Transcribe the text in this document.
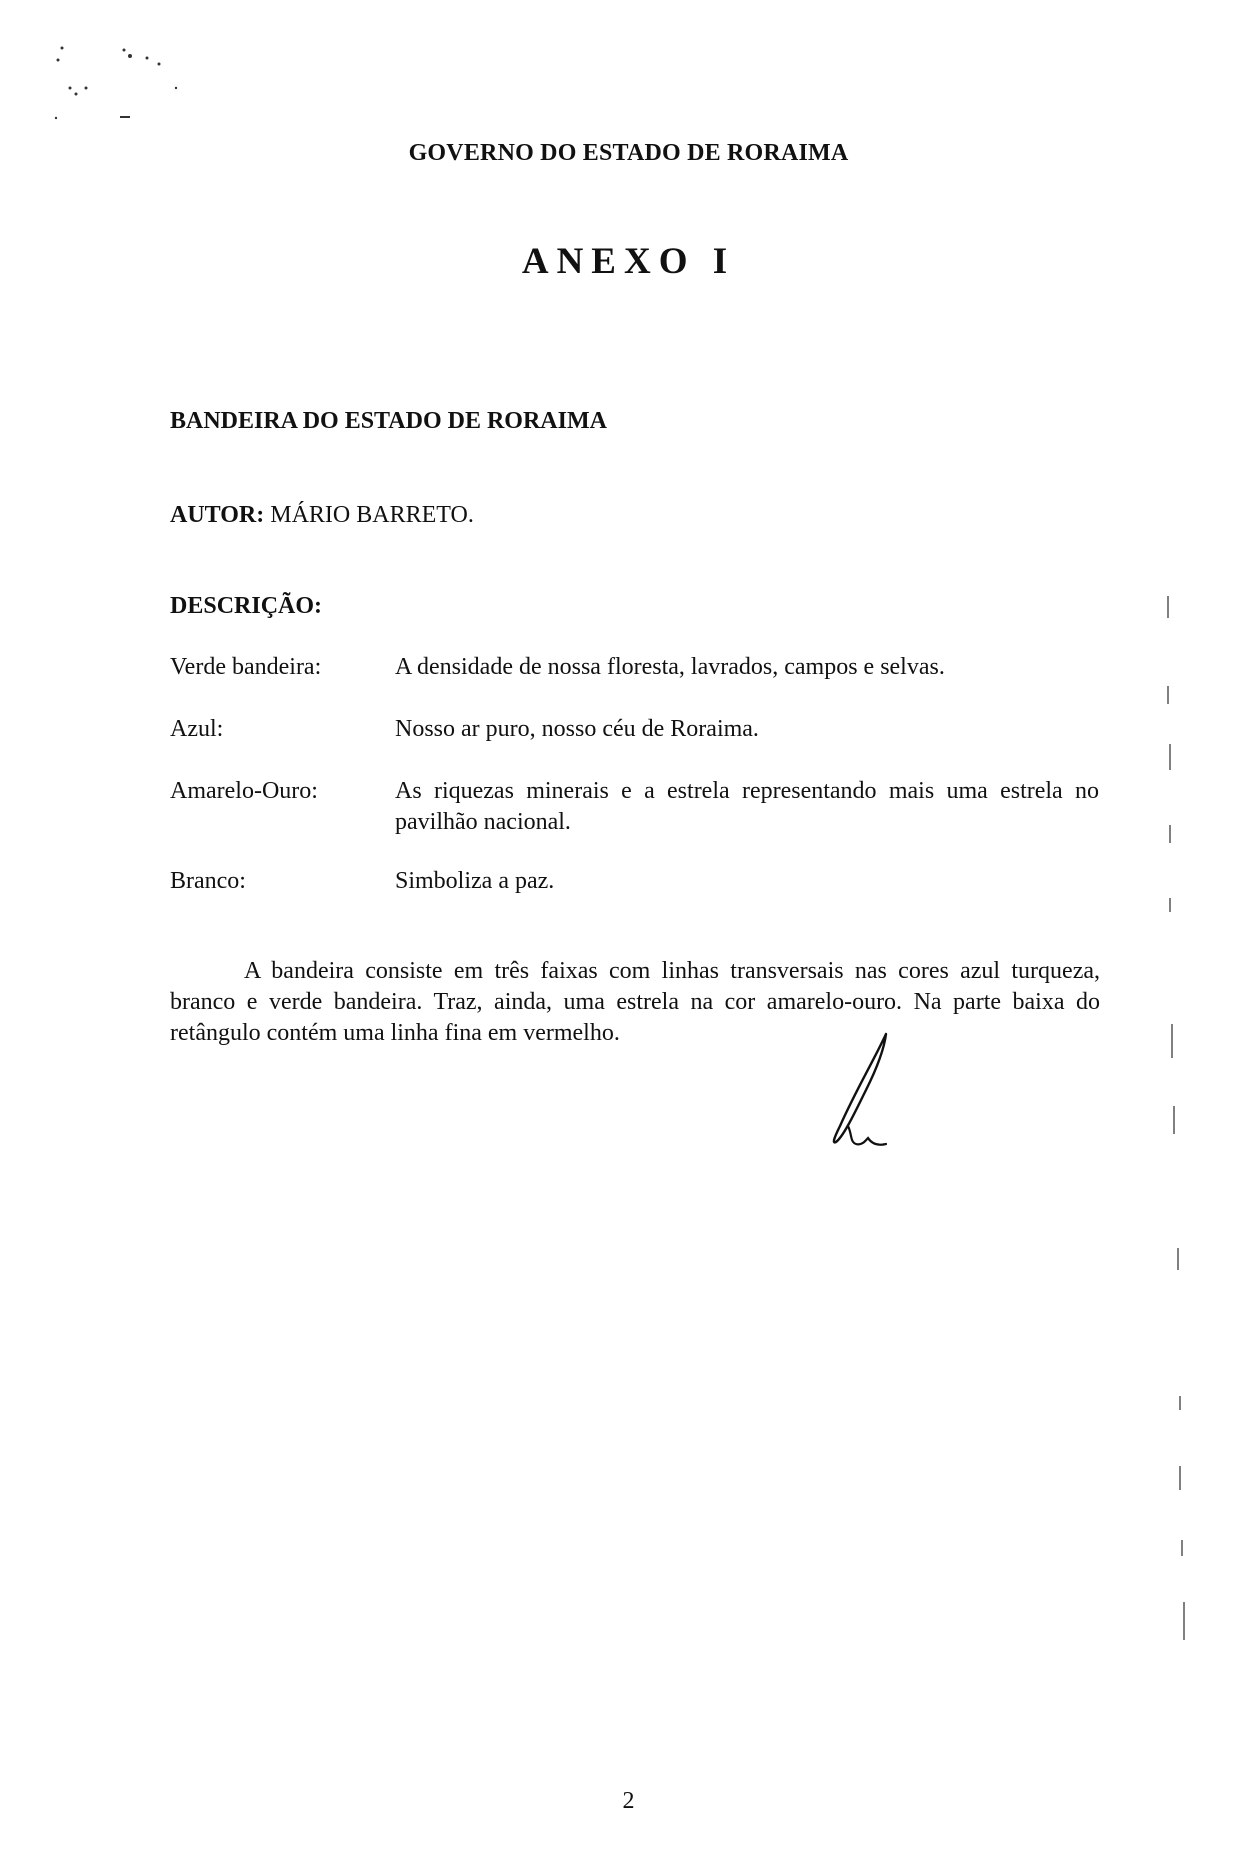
GOVERNO DO ESTADO DE RORAIMA
ANEXO I
BANDEIRA DO ESTADO DE RORAIMA
AUTOR: MÁRIO BARRETO.
DESCRIÇÃO:
Verde bandeira:	A densidade de nossa floresta, lavrados, campos e selvas.
Azul:	Nosso ar puro, nosso céu de Roraima.
Amarelo-Ouro:	As riquezas minerais e a estrela representando mais uma estrela no pavilhão nacional.
Branco:	Simboliza a paz.

A bandeira consiste em três faixas com linhas transversais nas cores azul turqueza, branco e verde bandeira. Traz, ainda, uma estrela na cor amarelo-ouro. Na parte baixa do retângulo contém uma linha fina em vermelho.

2
